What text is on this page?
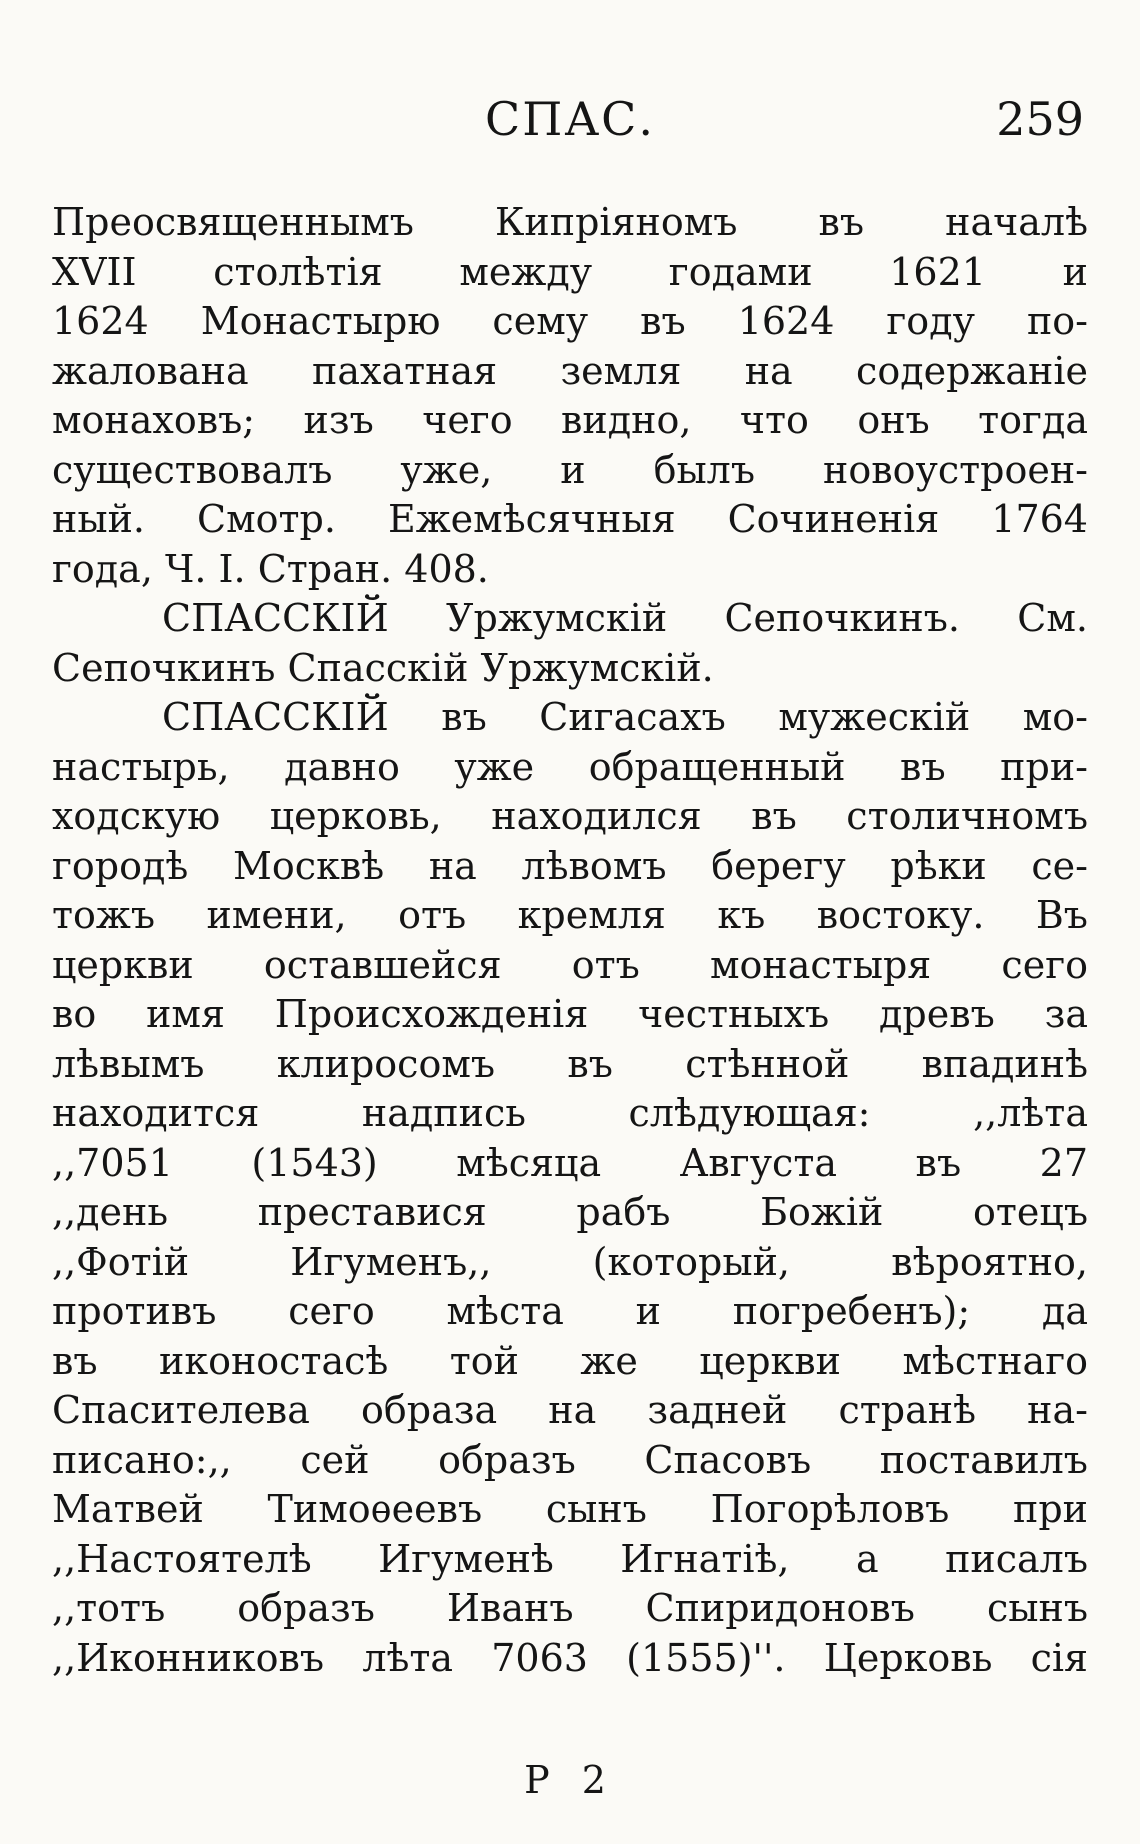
СПАС.	259
Преосвященнымъ Кипріяномъ въ началѣ
XVII столѣтія между годами 1621 и
1624 Монастырю сему въ 1624 году по-
жалована пахатная земля на содержаніе
монаховъ; изъ чего видно, что онъ тогда
существовалъ уже, и былъ новоустроен-
ный. Смотр. Ежемѣсячныя Сочиненія 1764
года, Ч. I. Стран. 408.
СПАССКІЙ Уржумскій Сепочкинъ. См.
Сепочкинъ Спасскій Уржумскій.
СПАССКІЙ въ Сигасахъ мужескій мо-
настырь, давно уже обращенный въ при-
ходскую церковь, находился въ столичномъ
городѣ Москвѣ на лѣвомъ берегу рѣки се-
тожъ имени, отъ кремля къ востоку. Въ
церкви оставшейся отъ монастыря сего
во имя Происхожденія честныхъ древъ за
лѣвымъ клиросомъ въ стѣнной впадинѣ
находится надпись слѣдующая: ,,лѣта
,,7051 (1543) мѣсяца Августа въ 27
,,день преставися рабъ Божій отецъ
,,Фотій Игуменъ,, (который, вѣроятно,
противъ сего мѣста и погребенъ); да
въ иконостасѣ той же церкви мѣстнаго
Спасителева образа на задней странѣ на-
писано:,, сей образъ Спасовъ поставилъ
Матвей Тимоѳеевъ сынъ Погорѣловъ при
,,Настоятелѣ Игуменѣ Игнатіѣ, а писалъ
,,тотъ образъ Иванъ Спиридоновъ сынъ
,,Иконниковъ лѣта 7063 (1555)''. Церковь сія
Р 2
